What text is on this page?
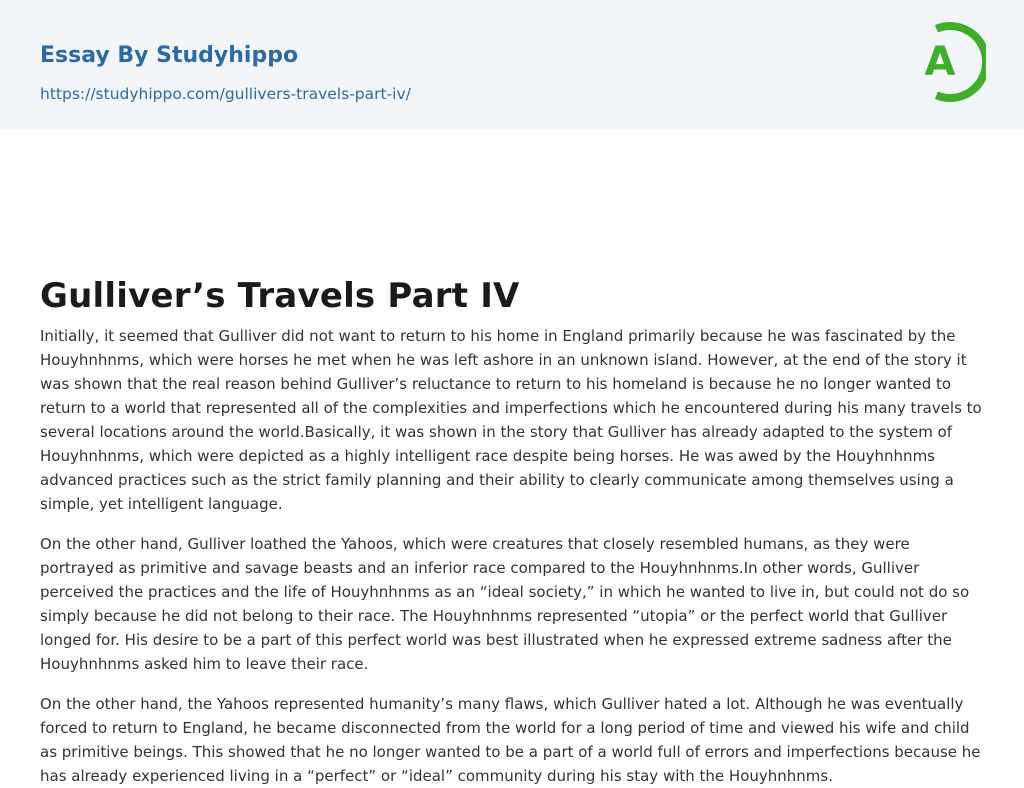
Essay By Studyhippo
https://studyhippo.com/gullivers-travels-part-iv/
A
Gulliver’s Travels Part IV

Initially, it seemed that Gulliver did not want to return to his home in England primarily because he was fascinated by the Houyhnhnms, which were horses he met when he was left ashore in an unknown island. However, at the end of the story it was shown that the real reason behind Gulliver’s reluctance to return to his homeland is because he no longer wanted to return to a world that represented all of the complexities and imperfections which he encountered during his many travels to several locations around the world.Basically, it was shown in the story that Gulliver has already adapted to the system of Houyhnhnms, which were depicted as a highly intelligent race despite being horses. He was awed by the Houyhnhnms advanced practices such as the strict family planning and their ability to clearly communicate among themselves using a simple, yet intelligent language.

On the other hand, Gulliver loathed the Yahoos, which were creatures that closely resembled humans, as they were portrayed as primitive and savage beasts and an inferior race compared to the Houyhnhnms.In other words, Gulliver perceived the practices and the life of Houyhnhnms as an “ideal society,” in which he wanted to live in, but could not do so simply because he did not belong to their race. The Houyhnhnms represented “utopia” or the perfect world that Gulliver longed for. His desire to be a part of this perfect world was best illustrated when he expressed extreme sadness after the Houyhnhnms asked him to leave their race.

On the other hand, the Yahoos represented humanity’s many flaws, which Gulliver hated a lot. Although he was eventually forced to return to England, he became disconnected from the world for a long period of time and viewed his wife and child as primitive beings. This showed that he no longer wanted to be a part of a world full of errors and imperfections because he has already experienced living in a “perfect” or “ideal” community during his stay with the Houyhnhnms.
